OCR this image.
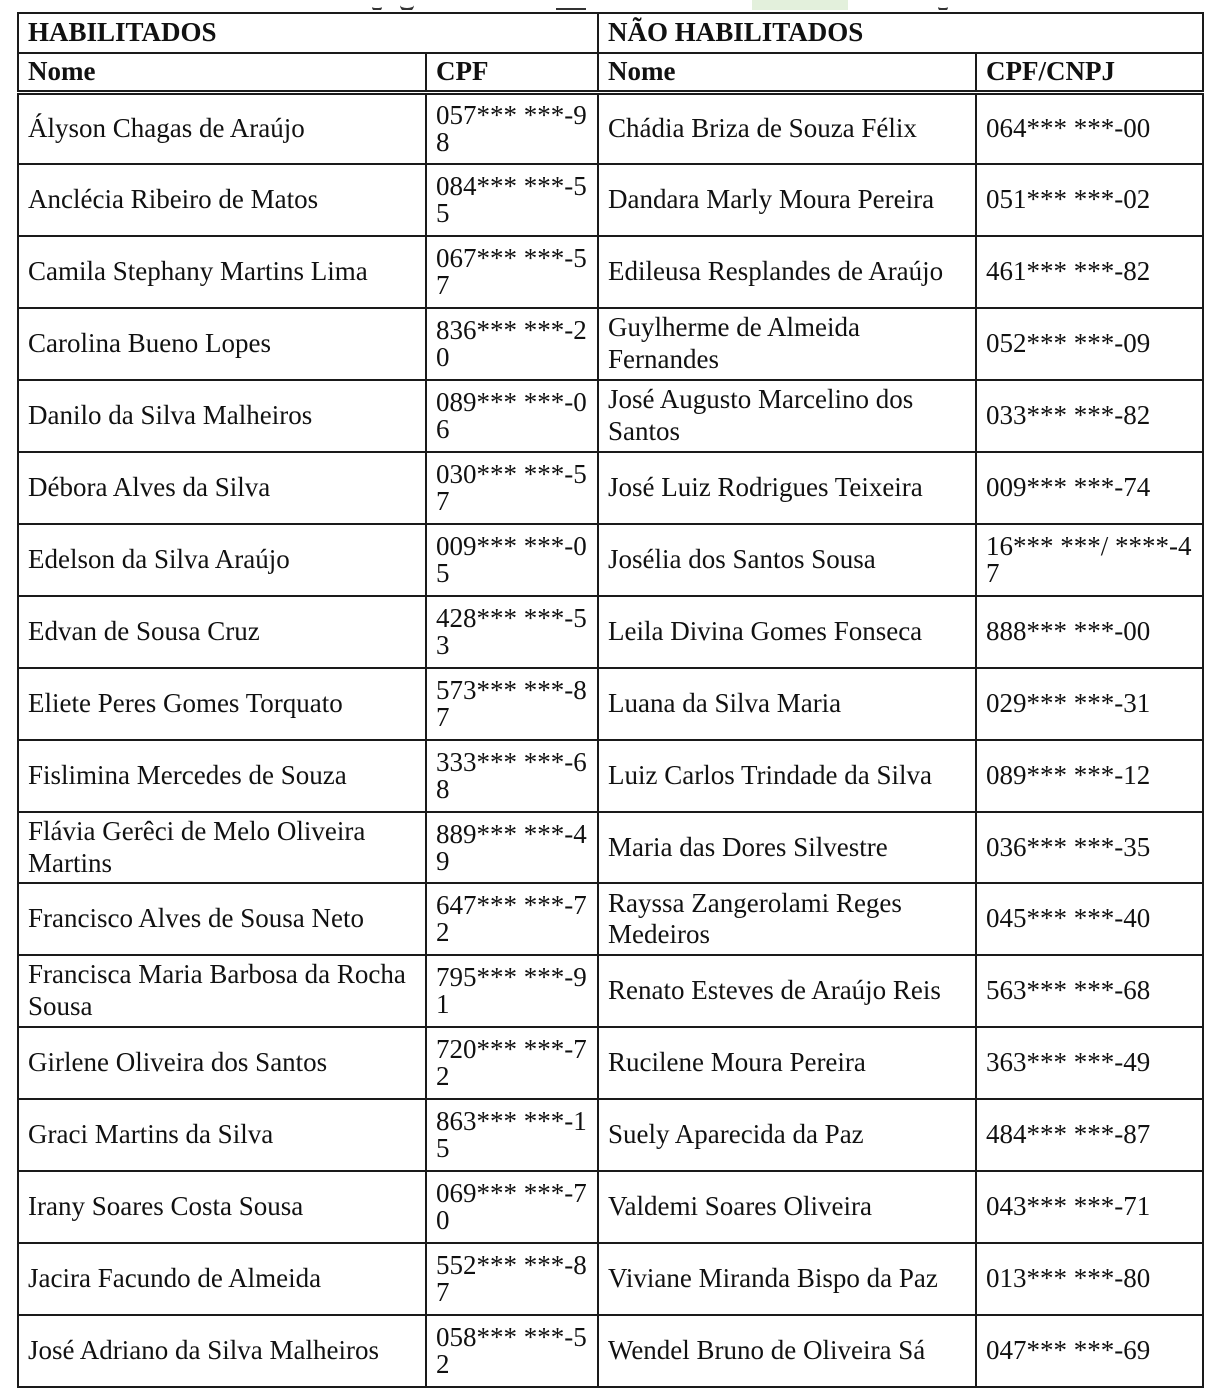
HABILITADOS		NÃO HABILITADOS	
Nome	CPF	Nome	CPF/CNPJ
Ályson Chagas de Araújo	057*** ***-98	Chádia Briza de Souza Félix	064*** ***-00
Anclécia Ribeiro de Matos	084*** ***-55	Dandara Marly Moura Pereira	051*** ***-02
Camila Stephany Martins Lima	067*** ***-57	Edileusa Resplandes de Araújo	461*** ***-82
Carolina Bueno Lopes	836*** ***-20	Guylherme de Almeida Fernandes	052*** ***-09
Danilo da Silva Malheiros	089*** ***-06	José Augusto Marcelino dos Santos	033*** ***-82
Débora Alves da Silva	030*** ***-57	José Luiz Rodrigues Teixeira	009*** ***-74
Edelson da Silva Araújo	009*** ***-05	Josélia dos Santos Sousa	16*** ***/ ****-47
Edvan de Sousa Cruz	428*** ***-53	Leila Divina Gomes Fonseca	888*** ***-00
Eliete Peres Gomes Torquato	573*** ***-87	Luana da Silva Maria	029*** ***-31
Fislimina Mercedes de Souza	333*** ***-68	Luiz Carlos Trindade da Silva	089*** ***-12
Flávia Gerêci de Melo Oliveira Martins	889*** ***-49	Maria das Dores Silvestre	036*** ***-35
Francisco Alves de Sousa Neto	647*** ***-72	Rayssa Zangerolami Reges Medeiros	045*** ***-40
Francisca Maria Barbosa da Rocha Sousa	795*** ***-91	Renato Esteves de Araújo Reis	563*** ***-68
Girlene Oliveira dos Santos	720*** ***-72	Rucilene Moura Pereira	363*** ***-49
Graci Martins da Silva	863*** ***-15	Suely Aparecida da Paz	484*** ***-87
Irany Soares Costa Sousa	069*** ***-70	Valdemi Soares Oliveira	043*** ***-71
Jacira Facundo de Almeida	552*** ***-87	Viviane Miranda Bispo da Paz	013*** ***-80
José Adriano da Silva Malheiros	058*** ***-52	Wendel Bruno de Oliveira Sá	047*** ***-69
